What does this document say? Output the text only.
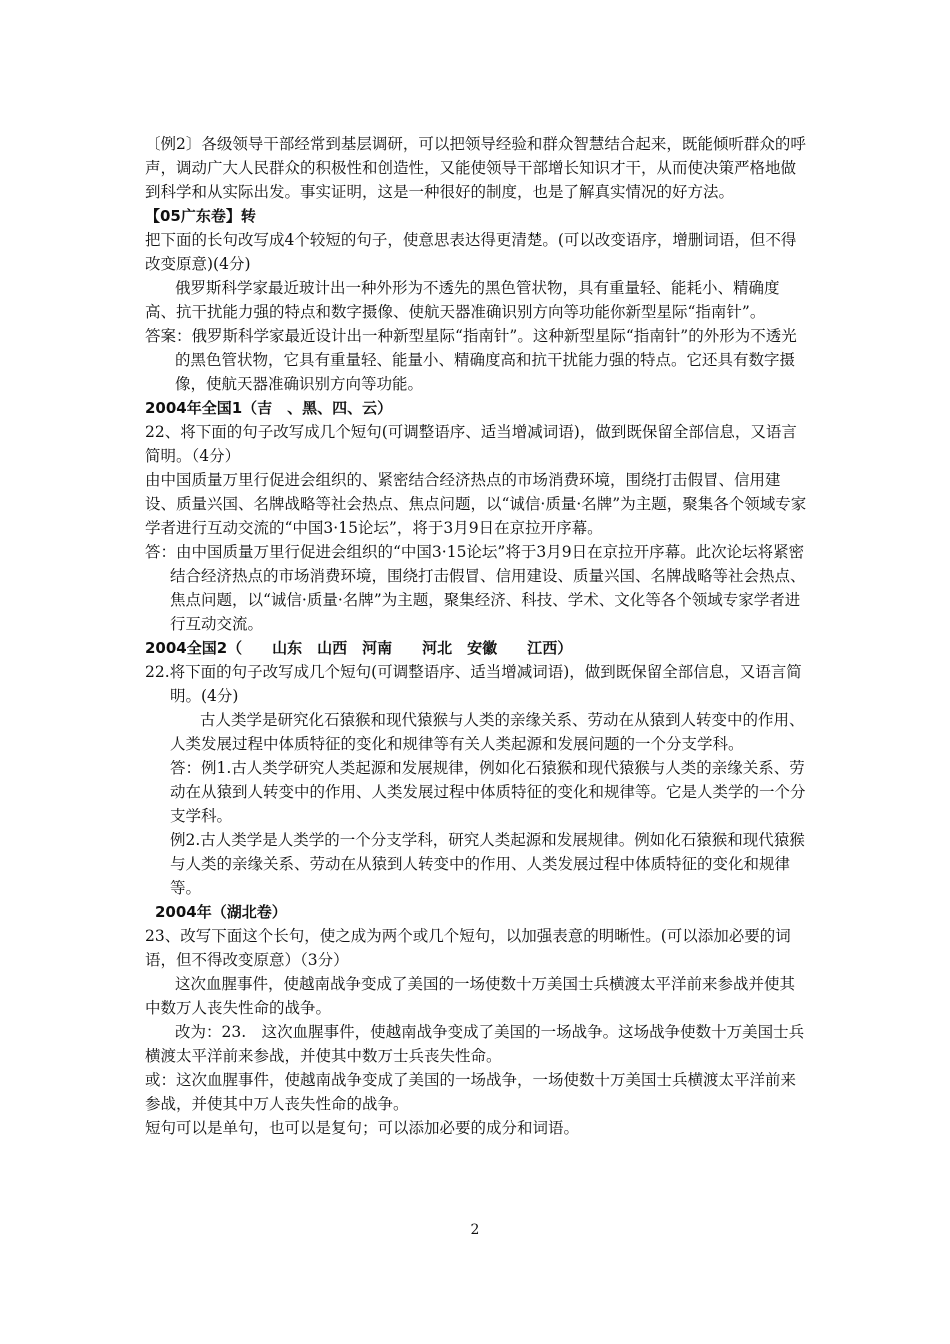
〔例2〕各级领导干部经常到基层调研，可以把领导经验和群众智慧结合起来，既能倾听群众的呼声，调动广大人民群众的积极性和创造性，又能使领导干部增长知识才干，从而使决策严格地做到科学和从实际出发。事实证明，这是一种很好的制度，也是了解真实情况的好方法。

【05广东卷】转

把下面的长句改写成4个较短的句子，使意思表达得更清楚。(可以改变语序，增删词语，但不得改变原意)(4分)

俄罗斯科学家最近玻计出一种外形为不透先的黑色管状物，具有重量轻、能耗小、精确度高、抗干扰能力强的特点和数字摄像、使航天器准确识别方向等功能你新型星际“指南针”。

答案：俄罗斯科学家最近设计出一种新型星际“指南针”。这种新型星际“指南针”的外形为不透光的黑色管状物，它具有重量轻、能量小、精确度高和抗干扰能力强的特点。它还具有数字摄像，使航天器准确识别方向等功能。

2004年全国1（吉　、黑、四、云）

22、将下面的句子改写成几个短句(可调整语序、适当增减词语)，做到既保留全部信息，又语言简明。（4分）

由中国质量万里行促进会组织的、紧密结合经济热点的市场消费环境，围绕打击假冒、信用建设、质量兴国、名牌战略等社会热点、焦点问题，以“诚信·质量·名牌”为主题，聚集各个领域专家学者进行互动交流的“中国3·15论坛”，将于3月9日在京拉开序幕。

答：由中国质量万里行促进会组织的“中国3·15论坛”将于3月9日在京拉开序幕。此次论坛将紧密结合经济热点的市场消费环境，围绕打击假冒、信用建设、质量兴国、名牌战略等社会热点、焦点问题，以“诚信·质量·名牌”为主题，聚集经济、科技、学术、文化等各个领域专家学者进行互动交流。

2004全国2（　　山东　山西　河南　　河北　安徽　　江西）

22.将下面的句子改写成几个短句(可调整语序、适当增减词语)，做到既保留全部信息，又语言简明。(4分)

古人类学是研究化石猿猴和现代猿猴与人类的亲缘关系、劳动在从猿到人转变中的作用、人类发展过程中体质特征的变化和规律等有关人类起源和发展问题的一个分支学科。

答：例1.古人类学研究人类起源和发展规律，例如化石猿猴和现代猿猴与人类的亲缘关系、劳动在从猿到人转变中的作用、人类发展过程中体质特征的变化和规律等。它是人类学的一个分支学科。

例2.古人类学是人类学的一个分支学科，研究人类起源和发展规律。例如化石猿猴和现代猿猴与人类的亲缘关系、劳动在从猿到人转变中的作用、人类发展过程中体质特征的变化和规律等。

2004年（湖北卷）

23、改写下面这个长句，使之成为两个或几个短句，以加强表意的明晰性。(可以添加必要的词语，但不得改变原意）（3分）

这次血腥事件，使越南战争变成了美国的一场使数十万美国士兵横渡太平洋前来参战并使其中数万人丧失性命的战争。

改为：23.　这次血腥事件，使越南战争变成了美国的一场战争。这场战争使数十万美国士兵横渡太平洋前来参战，并使其中数万士兵丧失性命。

或：这次血腥事件，使越南战争变成了美国的一场战争，一场使数十万美国士兵横渡太平洋前来参战，并使其中万人丧失性命的战争。

短句可以是单句，也可以是复句；可以添加必要的成分和词语。

2
